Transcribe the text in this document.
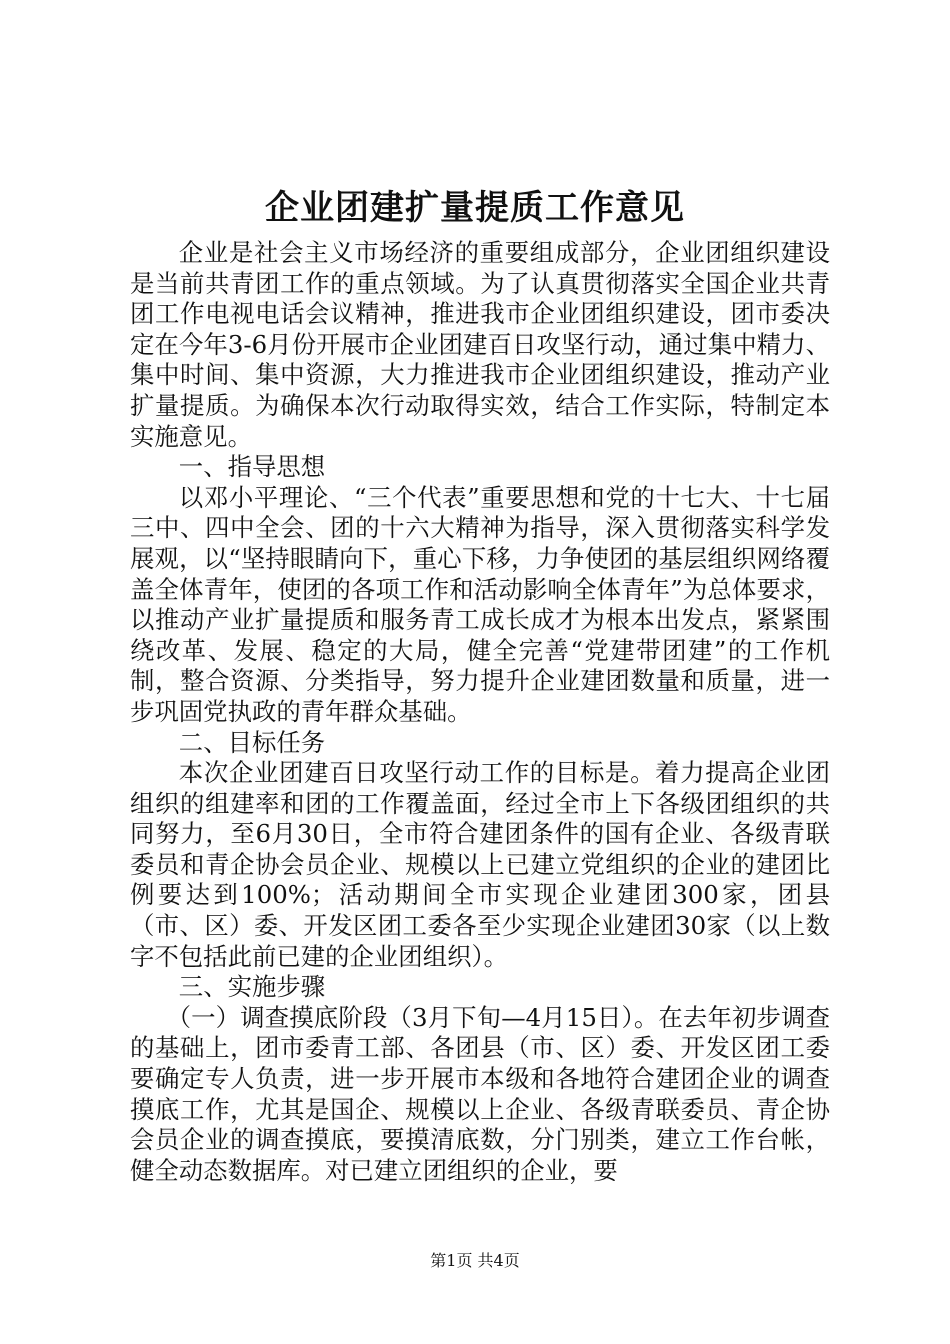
企业团建扩量提质工作意见

企业是社会主义市场经济的重要组成部分，企业团组织建设是当前共青团工作的重点领域。为了认真贯彻落实全国企业共青团工作电视电话会议精神，推进我市企业团组织建设，团市委决定在今年3-6月份开展市企业团建百日攻坚行动，通过集中精力、集中时间、集中资源，大力推进我市企业团组织建设，推动产业扩量提质。为确保本次行动取得实效，结合工作实际，特制定本实施意见。

一、指导思想

以邓小平理论、“三个代表”重要思想和党的十七大、十七届三中、四中全会、团的十六大精神为指导，深入贯彻落实科学发展观，以“坚持眼睛向下，重心下移，力争使团的基层组织网络覆盖全体青年，使团的各项工作和活动影响全体青年”为总体要求，以推动产业扩量提质和服务青工成长成才为根本出发点，紧紧围绕改革、发展、稳定的大局，健全完善“党建带团建”的工作机制，整合资源、分类指导，努力提升企业建团数量和质量，进一步巩固党执政的青年群众基础。

二、目标任务

本次企业团建百日攻坚行动工作的目标是。着力提高企业团组织的组建率和团的工作覆盖面，经过全市上下各级团组织的共同努力，至6月30日，全市符合建团条件的国有企业、各级青联委员和青企协会员企业、规模以上已建立党组织的企业的建团比例要达到100%；活动期间全市实现企业建团300家，团县（市、区）委、开发区团工委各至少实现企业建团30家（以上数字不包括此前已建的企业团组织）。

三、实施步骤

（一）调查摸底阶段（3月下旬—4月15日）。在去年初步调查的基础上，团市委青工部、各团县（市、区）委、开发区团工委要确定专人负责，进一步开展市本级和各地符合建团企业的调查摸底工作，尤其是国企、规模以上企业、各级青联委员、青企协会员企业的调查摸底，要摸清底数，分门别类，建立工作台帐，健全动态数据库。对已建立团组织的企业，要

第1页 共4页
